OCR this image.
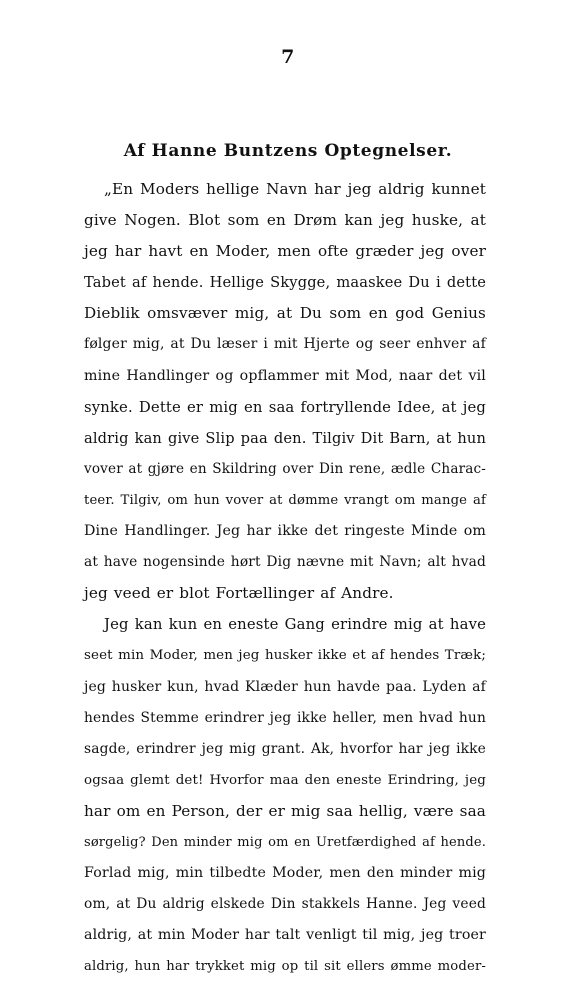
7
Af Hanne Buntzens Optegnelser.
„En Moders hellige Navn har jeg aldrig kunnet
give Nogen. Blot som en Drøm kan jeg huske, at
jeg har havt en Moder, men ofte græder jeg over
Tabet af hende. Hellige Skygge, maaskee Du i dette
Dieblik omsvæver mig, at Du som en god Genius
følger mig, at Du læser i mit Hjerte og seer enhver af
mine Handlinger og opflammer mit Mod, naar det vil
synke. Dette er mig en saa fortryllende Idee, at jeg
aldrig kan give Slip paa den. Tilgiv Dit Barn, at hun
vover at gjøre en Skildring over Din rene, ædle Charac-
teer. Tilgiv, om hun vover at dømme vrangt om mange af
Dine Handlinger. Jeg har ikke det ringeste Minde om
at have nogensinde hørt Dig nævne mit Navn; alt hvad
jeg veed er blot Fortællinger af Andre.
Jeg kan kun en eneste Gang erindre mig at have
seet min Moder, men jeg husker ikke et af hendes Træk;
jeg husker kun, hvad Klæder hun havde paa. Lyden af
hendes Stemme erindrer jeg ikke heller, men hvad hun
sagde, erindrer jeg mig grant. Ak, hvorfor har jeg ikke
ogsaa glemt det! Hvorfor maa den eneste Erindring, jeg
har om en Person, der er mig saa hellig, være saa
sørgelig? Den minder mig om en Uretfærdighed af hende.
Forlad mig, min tilbedte Moder, men den minder mig
om, at Du aldrig elskede Din stakkels Hanne. Jeg veed
aldrig, at min Moder har talt venligt til mig, jeg troer
aldrig, hun har trykket mig op til sit ellers ømme moder-
